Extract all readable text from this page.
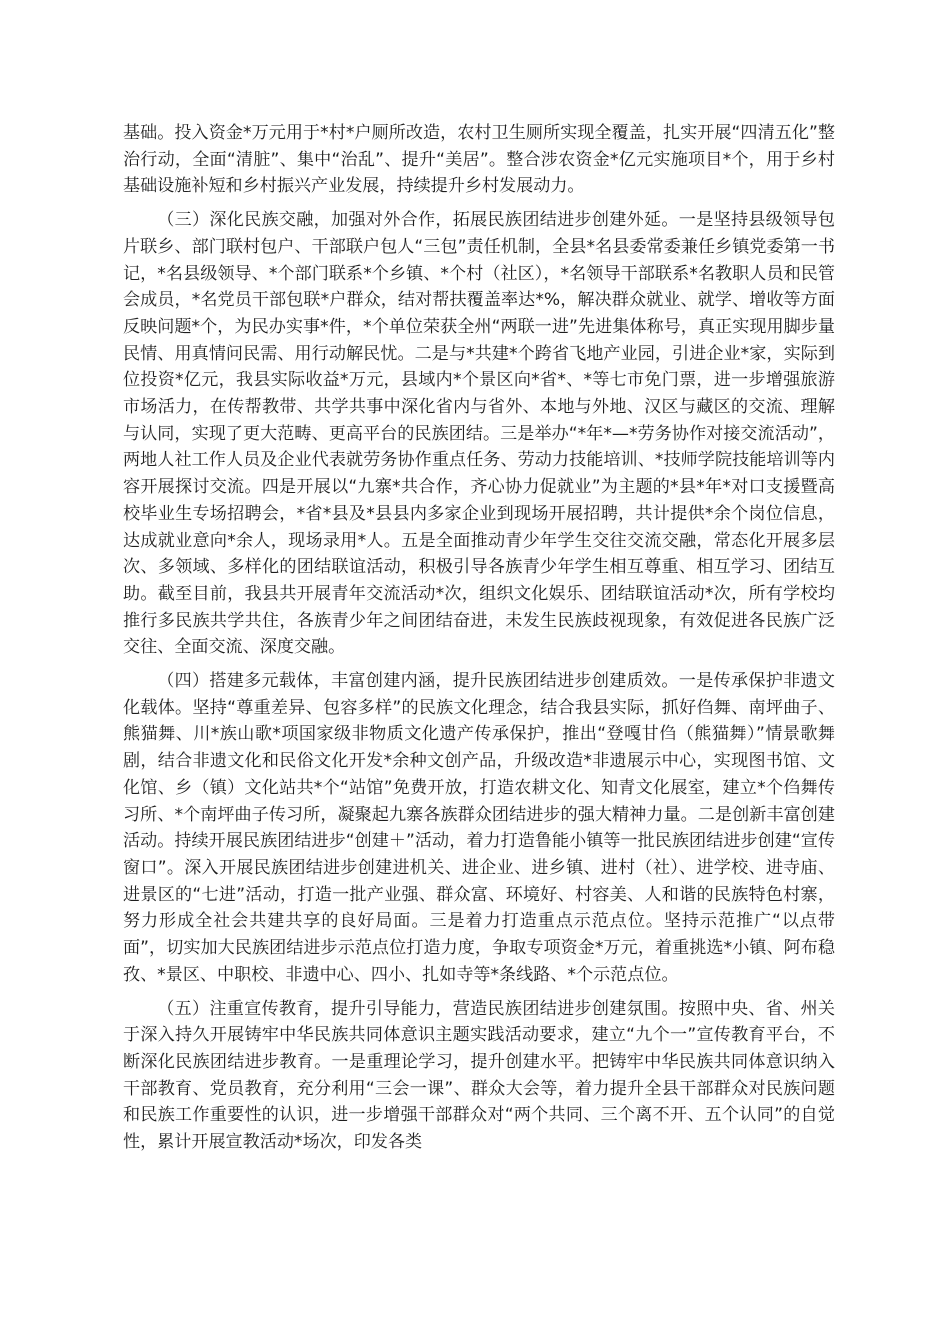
基础。投入资金*万元用于*村*户厕所改造，农村卫生厕所实现全覆盖，扎实开展“四清五化”整治行动，全面“清脏”、集中“治乱”、提升“美居”。整合涉农资金*亿元实施项目*个，用于乡村基础设施补短和乡村振兴产业发展，持续提升乡村发展动力。

（三）深化民族交融，加强对外合作，拓展民族团结进步创建外延。一是坚持县级领导包片联乡、部门联村包户、干部联户包人“三包”责任机制，全县*名县委常委兼任乡镇党委第一书记，*名县级领导、*个部门联系*个乡镇、*个村（社区），*名领导干部联系*名教职人员和民管会成员，*名党员干部包联*户群众，结对帮扶覆盖率达*%，解决群众就业、就学、增收等方面反映问题*个，为民办实事*件，*个单位荣获全州“两联一进”先进集体称号，真正实现用脚步量民情、用真情问民需、用行动解民忧。二是与*共建*个跨省飞地产业园，引进企业*家，实际到位投资*亿元，我县实际收益*万元，县域内*个景区向*省*、*等七市免门票，进一步增强旅游市场活力，在传帮教带、共学共事中深化省内与省外、本地与外地、汉区与藏区的交流、理解与认同，实现了更大范畴、更高平台的民族团结。三是举办“*年*—*劳务协作对接交流活动”，两地人社工作人员及企业代表就劳务协作重点任务、劳动力技能培训、*技师学院技能培训等内容开展探讨交流。四是开展以“九寨*共合作，齐心协力促就业”为主题的*县*年*对口支援暨高校毕业生专场招聘会，*省*县及*县县内多家企业到现场开展招聘，共计提供*余个岗位信息，达成就业意向*余人，现场录用*人。五是全面推动青少年学生交往交流交融，常态化开展多层次、多领域、多样化的团结联谊活动，积极引导各族青少年学生相互尊重、相互学习、团结互助。截至目前，我县共开展青年交流活动*次，组织文化娱乐、团结联谊活动*次，所有学校均推行多民族共学共住，各族青少年之间团结奋进，未发生民族歧视现象，有效促进各民族广泛交往、全面交流、深度交融。

（四）搭建多元载体，丰富创建内涵，提升民族团结进步创建质效。一是传承保护非遗文化载体。坚持“尊重差异、包容多样”的民族文化理念，结合我县实际，抓好㑇舞、南坪曲子、熊猫舞、川*族山歌*项国家级非物质文化遗产传承保护，推出“登嘎甘㑇（熊猫舞）”情景歌舞剧，结合非遗文化和民俗文化开发*余种文创产品，升级改造*非遗展示中心，实现图书馆、文化馆、乡（镇）文化站共*个“站馆”免费开放，打造农耕文化、知青文化展室，建立*个㑇舞传习所、*个南坪曲子传习所，凝聚起九寨各族群众团结进步的强大精神力量。二是创新丰富创建活动。持续开展民族团结进步“创建＋”活动，着力打造鲁能小镇等一批民族团结进步创建“宣传窗口”。深入开展民族团结进步创建进机关、进企业、进乡镇、进村（社）、进学校、进寺庙、进景区的“七进”活动，打造一批产业强、群众富、环境好、村容美、人和谐的民族特色村寨，努力形成全社会共建共享的良好局面。三是着力打造重点示范点位。坚持示范推广“以点带面”，切实加大民族团结进步示范点位打造力度，争取专项资金*万元，着重挑选*小镇、阿布稳孜、*景区、中职校、非遗中心、四小、扎如寺等*条线路、*个示范点位。

（五）注重宣传教育，提升引导能力，营造民族团结进步创建氛围。按照中央、省、州关于深入持久开展铸牢中华民族共同体意识主题实践活动要求，建立“九个一”宣传教育平台，不断深化民族团结进步教育。一是重理论学习，提升创建水平。把铸牢中华民族共同体意识纳入干部教育、党员教育，充分利用“三会一课”、群众大会等，着力提升全县干部群众对民族问题和民族工作重要性的认识，进一步增强干部群众对“两个共同、三个离不开、五个认同”的自觉性，累计开展宣教活动*场次，印发各类
